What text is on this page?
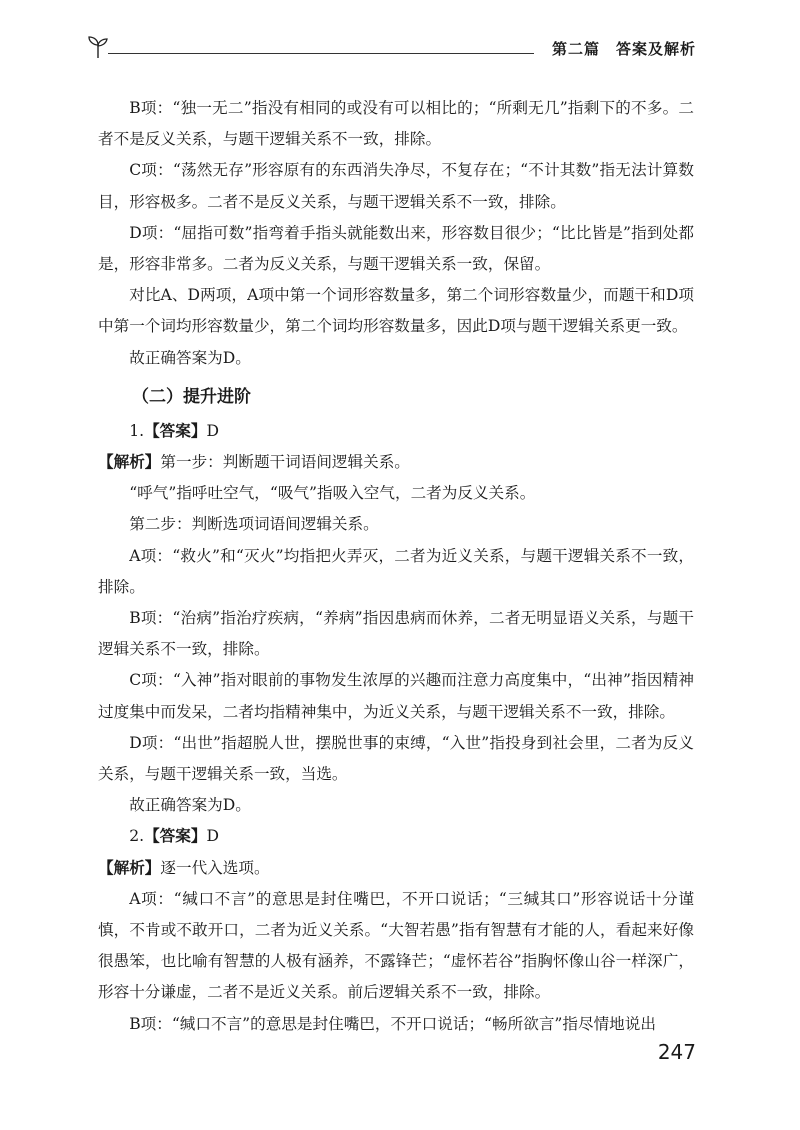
第二篇　答案及解析

B项：“独一无二”指没有相同的或没有可以相比的；“所剩无几”指剩下的不多。二者不是反义关系，与题干逻辑关系不一致，排除。

C项：“荡然无存”形容原有的东西消失净尽，不复存在；“不计其数”指无法计算数目，形容极多。二者不是反义关系，与题干逻辑关系不一致，排除。

D项：“屈指可数”指弯着手指头就能数出来，形容数目很少；“比比皆是”指到处都是，形容非常多。二者为反义关系，与题干逻辑关系一致，保留。

对比A、D两项，A项中第一个词形容数量多，第二个词形容数量少，而题干和D项中第一个词均形容数量少，第二个词均形容数量多，因此D项与题干逻辑关系更一致。

故正确答案为D。

（二）提升进阶

1.【答案】D

【解析】第一步：判断题干词语间逻辑关系。

“呼气”指呼吐空气，“吸气”指吸入空气，二者为反义关系。

第二步：判断选项词语间逻辑关系。

A项：“救火”和“灭火”均指把火弄灭，二者为近义关系，与题干逻辑关系不一致，排除。

B项：“治病”指治疗疾病，“养病”指因患病而休养，二者无明显语义关系，与题干逻辑关系不一致，排除。

C项：“入神”指对眼前的事物发生浓厚的兴趣而注意力高度集中，“出神”指因精神过度集中而发呆，二者均指精神集中，为近义关系，与题干逻辑关系不一致，排除。

D项：“出世”指超脱人世，摆脱世事的束缚，“入世”指投身到社会里，二者为反义关系，与题干逻辑关系一致，当选。

故正确答案为D。

2.【答案】D

【解析】逐一代入选项。

A项：“缄口不言”的意思是封住嘴巴，不开口说话；“三缄其口”形容说话十分谨慎，不肯或不敢开口，二者为近义关系。“大智若愚”指有智慧有才能的人，看起来好像很愚笨，也比喻有智慧的人极有涵养，不露锋芒；“虚怀若谷”指胸怀像山谷一样深广，形容十分谦虚，二者不是近义关系。前后逻辑关系不一致，排除。

B项：“缄口不言”的意思是封住嘴巴，不开口说话；“畅所欲言”指尽情地说出

247
